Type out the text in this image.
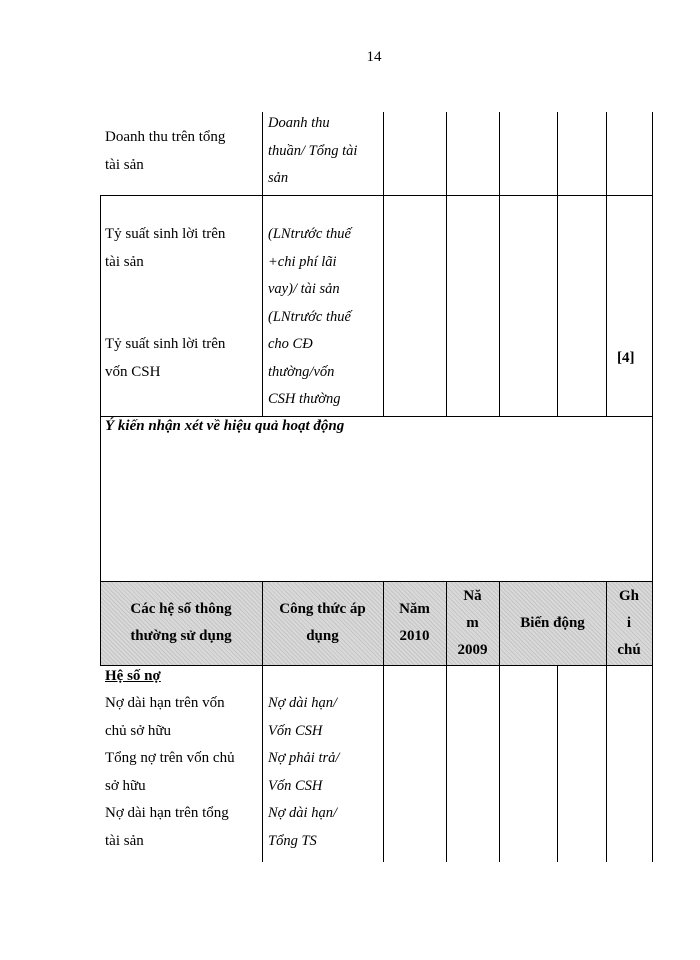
14
Doanh thu trên tổng
tài sản
Doanh thu
thuần/ Tổng tài
sản
Tỷ suất sinh lời trên
tài sản
(LNtrước thuế
+chi phí lãi
vay)/ tài sản
(LNtrước thuế
cho CĐ
thường/vốn
CSH thường
Tỷ suất sinh lời trên
vốn CSH
[4]
Ý kiến nhận xét về hiệu quả hoạt động
Các hệ số thông
thường sử dụng
Công thức áp
dụng
Năm
2010
Nă
m
2009
Biến động
Gh
i
chú
Hệ số nợ
Nợ dài hạn trên vốn
chủ sở hữu
Tổng nợ trên vốn chủ
sở hữu
Nợ dài hạn trên tổng
tài sản
Nợ dài hạn/
Vốn CSH
Nợ phải trả/
Vốn CSH
Nợ dài hạn/
Tổng TS
